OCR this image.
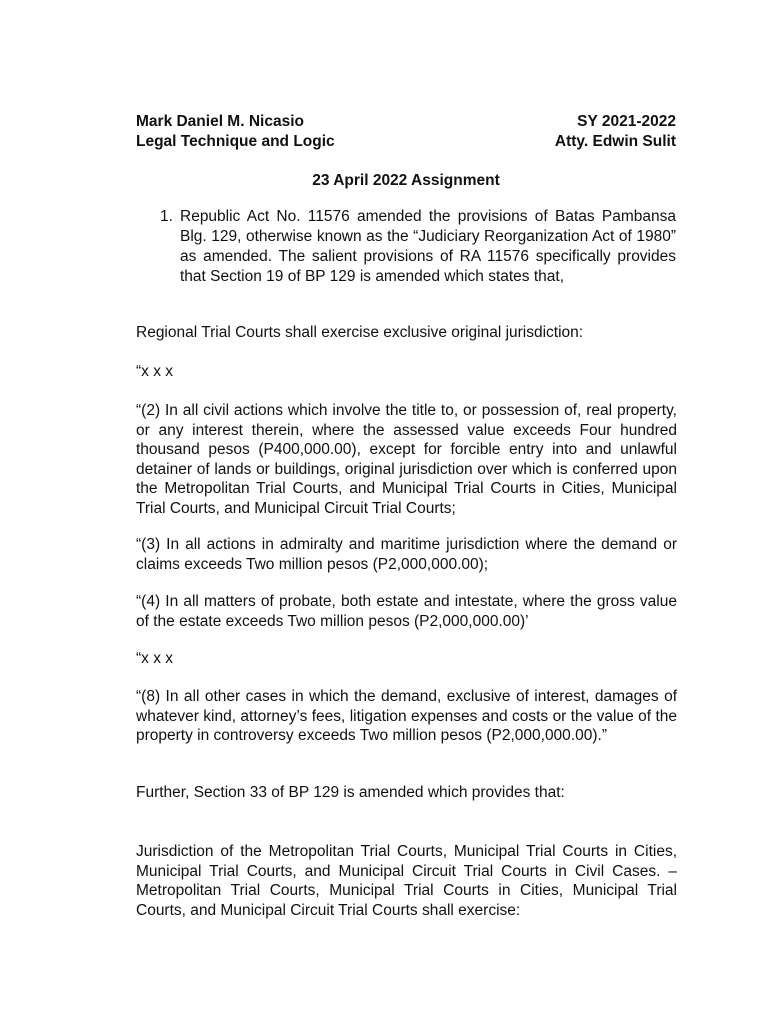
Mark Daniel M. Nicasio	SY 2021-2022
Legal Technique and Logic	Atty. Edwin Sulit
23 April 2022 Assignment
1. Republic Act No. 11576 amended the provisions of Batas Pambansa Blg. 129, otherwise known as the “Judiciary Reorganization Act of 1980” as amended. The salient provisions of RA 11576 specifically provides that Section 19 of BP 129 is amended which states that,
Regional Trial Courts shall exercise exclusive original jurisdiction:
“x x x
“(2) In all civil actions which involve the title to, or possession of, real property, or any interest therein, where the assessed value exceeds Four hundred thousand pesos (P400,000.00), except for forcible entry into and unlawful detainer of lands or buildings, original jurisdiction over which is conferred upon the Metropolitan Trial Courts, and Municipal Trial Courts in Cities, Municipal Trial Courts, and Municipal Circuit Trial Courts;
“(3) In all actions in admiralty and maritime jurisdiction where the demand or claims exceeds Two million pesos (P2,000,000.00);
“(4) In all matters of probate, both estate and intestate, where the gross value of the estate exceeds Two million pesos (P2,000,000.00)’
“x x x
“(8) In all other cases in which the demand, exclusive of interest, damages of whatever kind, attorney’s fees, litigation expenses and costs or the value of the property in controversy exceeds Two million pesos (P2,000,000.00).”
Further, Section 33 of BP 129 is amended which provides that:
Jurisdiction of the Metropolitan Trial Courts, Municipal Trial Courts in Cities, Municipal Trial Courts, and Municipal Circuit Trial Courts in Civil Cases. – Metropolitan Trial Courts, Municipal Trial Courts in Cities, Municipal Trial Courts, and Municipal Circuit Trial Courts shall exercise:
